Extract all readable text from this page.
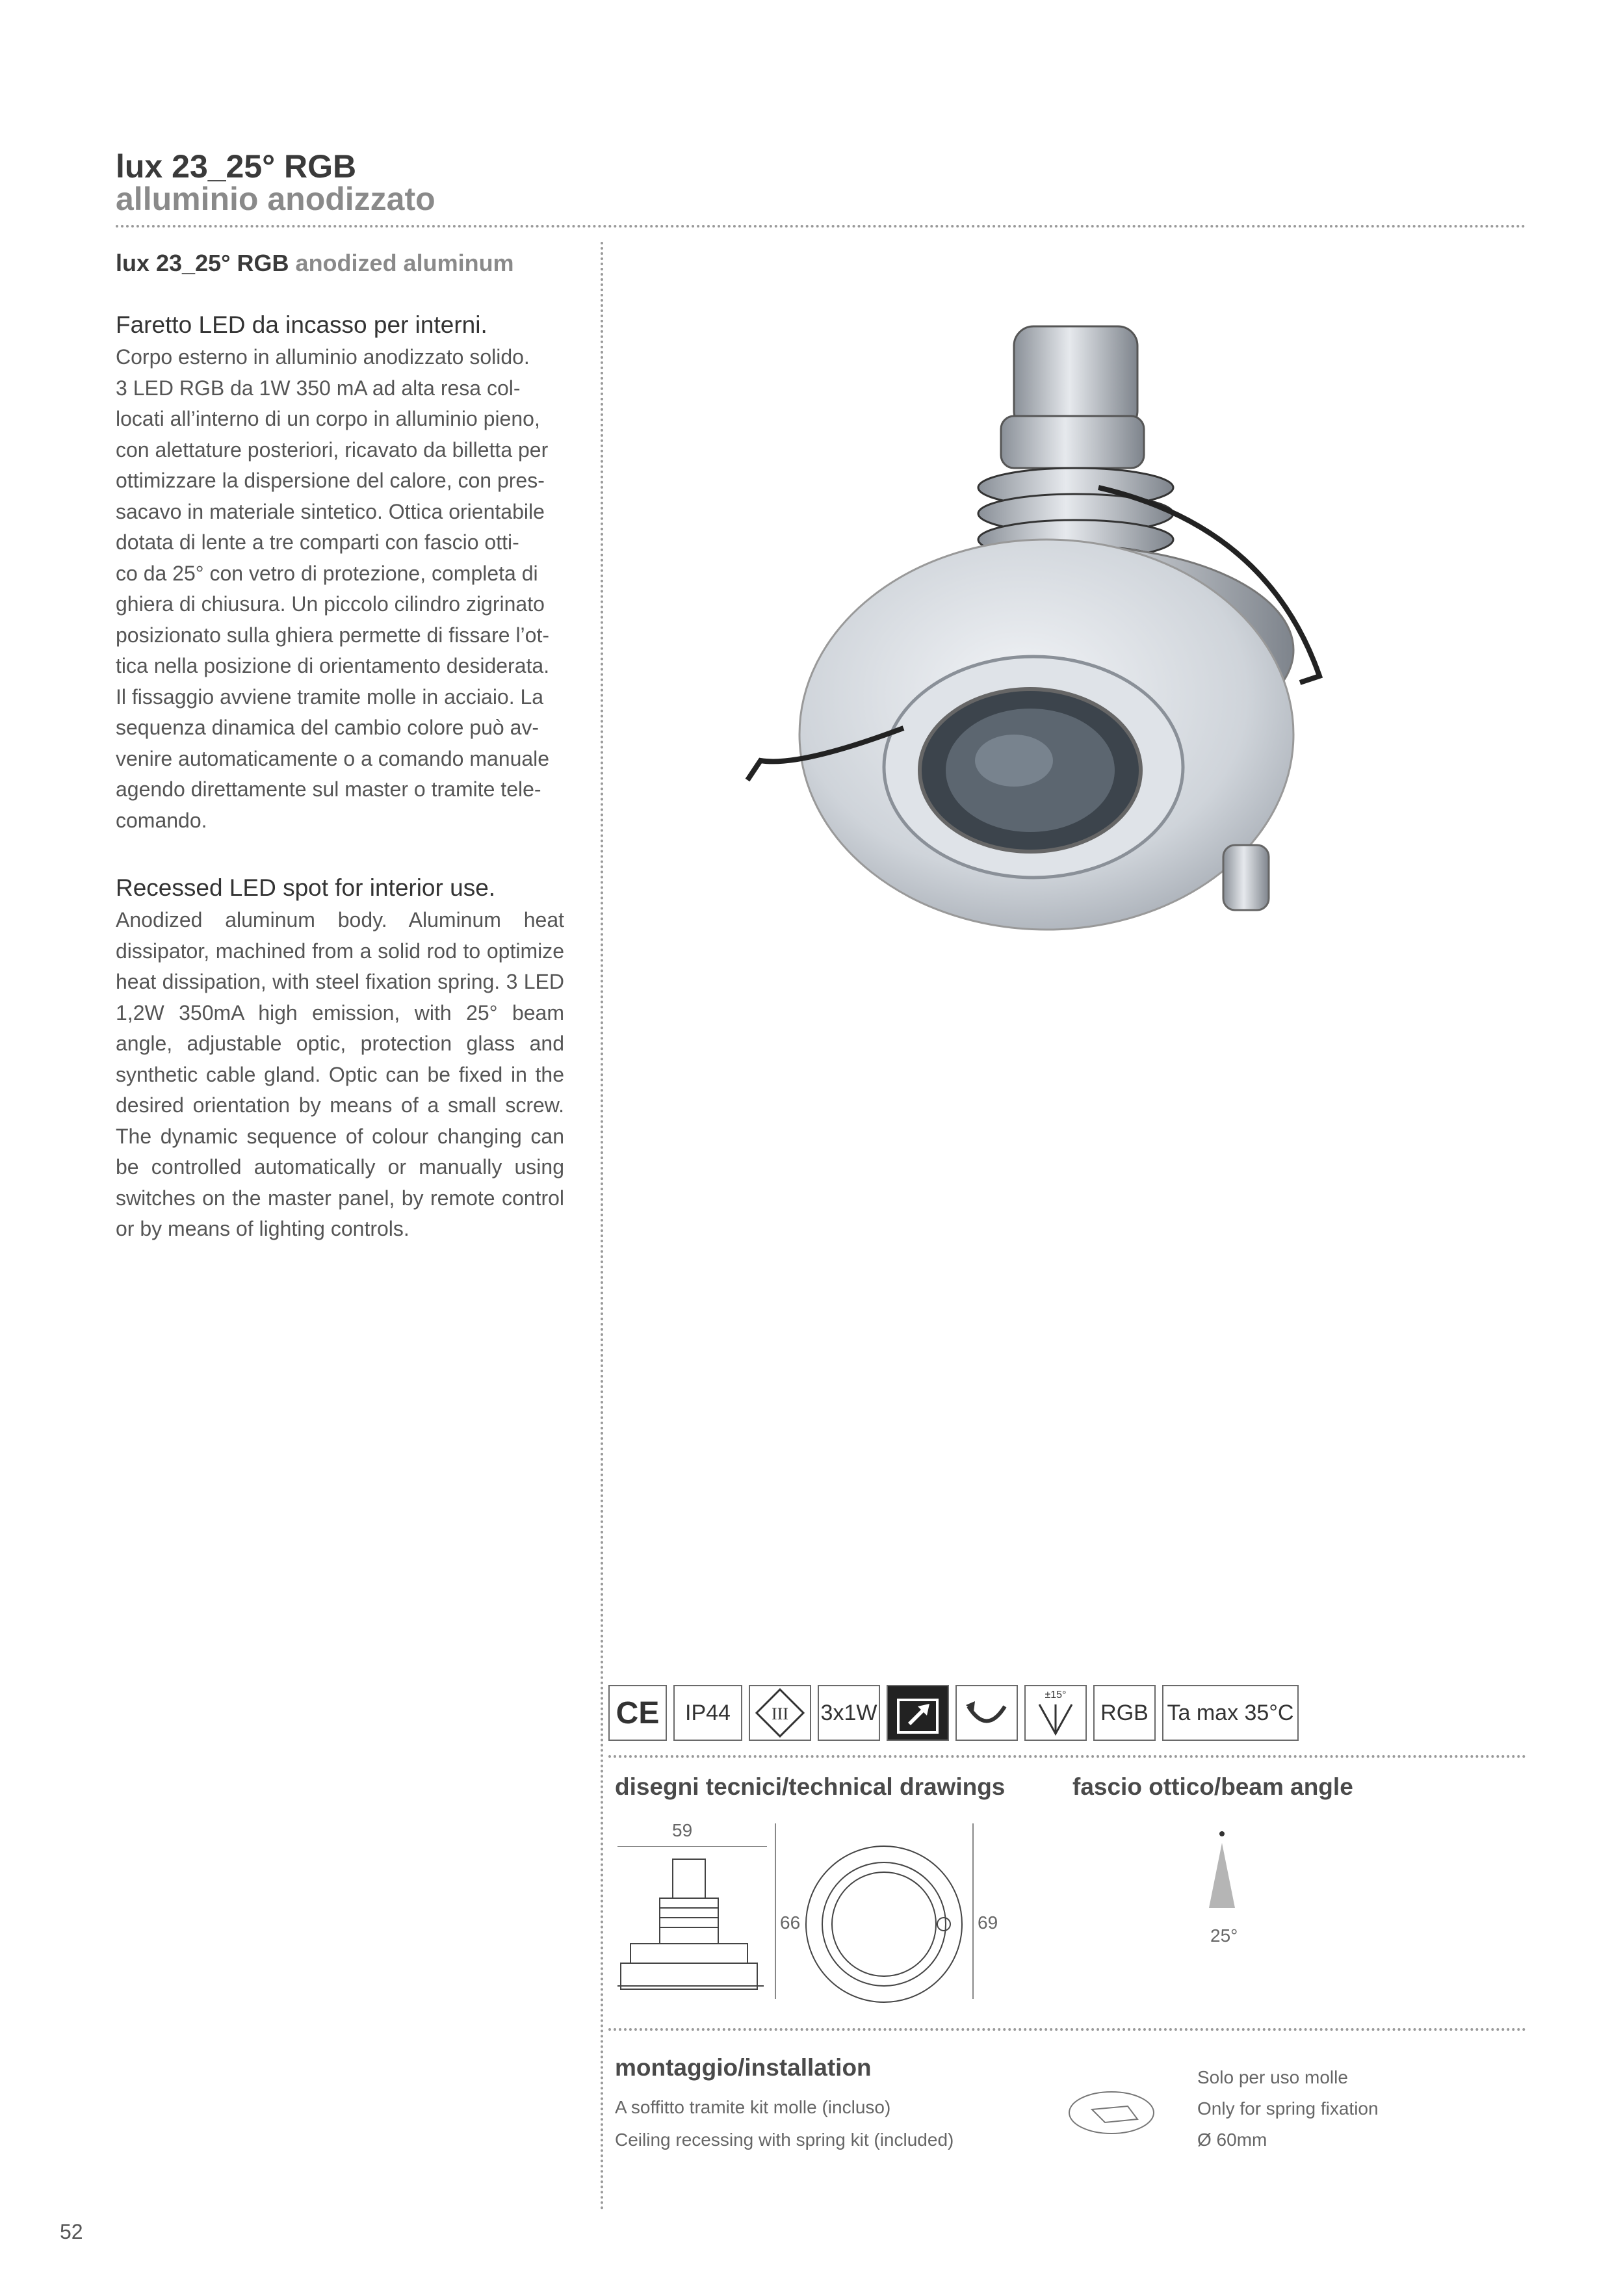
lux 23_25° RGB
alluminio anodizzato
lux 23_25° RGB anodized aluminum
Faretto LED da incasso per interni.

Corpo esterno in alluminio anodizzato solido.

3 LED RGB da 1W 350 mA ad alta resa col-

locati all’interno di un corpo in alluminio pieno,

con alettature posteriori, ricavato da billetta per

ottimizzare la dispersione del calore, con pres-

sacavo in materiale sintetico. Ottica orientabile

dotata di lente a tre comparti con fascio otti-

co da 25° con vetro di protezione, completa di

ghiera di chiusura. Un piccolo cilindro zigrinato

posizionato sulla ghiera permette di fissare l’ot-

tica nella posizione di orientamento desiderata.

Il fissaggio avviene tramite molle in acciaio. La

sequenza dinamica del cambio colore può av-

venire automaticamente o a comando manuale

agendo direttamente sul master o tramite tele-

comando.

Recessed LED spot for interior use.

Anodized aluminum body. Aluminum heat dissipator, machined from a solid rod to optimize heat dissipation, with steel fixation spring. 3 LED 1,2W 350mA high emission, with 25° beam angle, adjustable optic, protection glass and synthetic cable gland. Optic can be fixed in the desired orientation by means of a small screw. The dynamic sequence of colour changing can be controlled automatically or manually using switches on the master panel, by remote control or by means of lighting controls.

CE	IP44	III 3x1W
±15°
RGB Ta max 35°C
disegni tecnici/technical drawings	fascio ottico/beam angle
59
66	69
25°
montaggio/installation
A soffitto tramite kit molle (incluso)
Ceiling recessing with spring kit (included)
Solo per uso molle
Only for spring fixation
Ø 60mm
52
